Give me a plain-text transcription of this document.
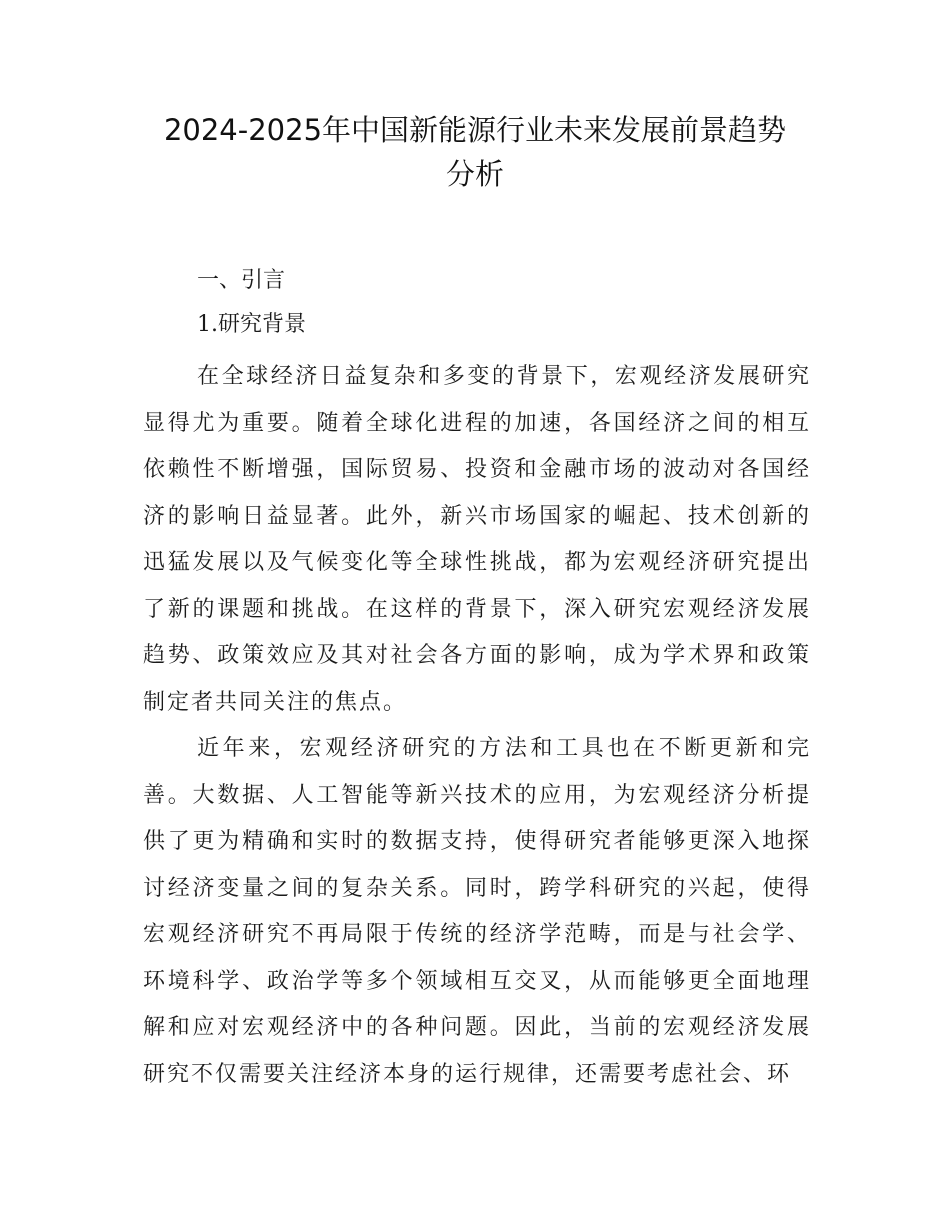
2024-2025年中国新能源行业未来发展前景趋势
分析
一、引言
1.研究背景

在全球经济日益复杂和多变的背景下，宏观经济发展研究显得尤为重要。随着全球化进程的加速，各国经济之间的相互依赖性不断增强，国际贸易、投资和金融市场的波动对各国经济的影响日益显著。此外，新兴市场国家的崛起、技术创新的迅猛发展以及气候变化等全球性挑战，都为宏观经济研究提出了新的课题和挑战。在这样的背景下，深入研究宏观经济发展趋势、政策效应及其对社会各方面的影响，成为学术界和政策制定者共同关注的焦点。

近年来，宏观经济研究的方法和工具也在不断更新和完善。大数据、人工智能等新兴技术的应用，为宏观经济分析提供了更为精确和实时的数据支持，使得研究者能够更深入地探讨经济变量之间的复杂关系。同时，跨学科研究的兴起，使得宏观经济研究不再局限于传统的经济学范畴，而是与社会学、环境科学、政治学等多个领域相互交叉，从而能够更全面地理解和应对宏观经济中的各种问题。因此，当前的宏观经济发展研究不仅需要关注经济本身的运行规律，还需要考虑社会、环
